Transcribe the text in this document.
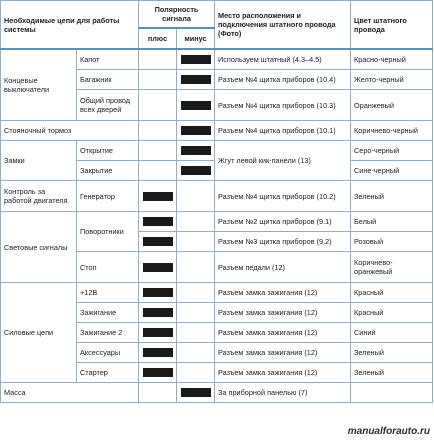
Необходимые цепи для работы системы		Полярность сигнала		Место расположения и подключения штатного провода (Фото)	Цвет штатного провода
		плюс	минус		
Концевые выключатели	Капот			Используем штатный (4.3–4.5)	Красно-черный
	Багажник			Разъем №4 щитка приборов (10.4)	Желто-черный
	Общий провод всех дверей			Разъем №4 щитка приборов (10.3)	Оранжевый
Стояночный тормоз				Разъем №4 щитка приборов (10.1)	Коричнево-черный
Замки	Открытие			Жгут левой кик-панели (13)	Серо-черный
	Закрытие				Сине-черный
Контроль за работой двигателя	Генератор			Разъем №4 щитка приборов (10.2)	Зеленый
Световые сигналы	Поворотники			Разъем №2 щитка приборов (9.1)	Белый
				Разъем №3 щитка приборов (9.2)	Розовый
	Стоп			Разъем педали (12)	Коричнево-оранжевый
Силовые цепи	+12В			Разъем замка зажигания (12)	Красный
	Зажигание			Разъем замка зажигания (12)	Красный
	Зажигание 2			Разъем замка зажигания (12)	Синий
	Аксессуары			Разъем замка зажигания (12)	Зеленый
	Стартер			Разъем замка зажигания (12)	Зеленый
Масса				За приборной панелью (7)	
manualforauto.ru
